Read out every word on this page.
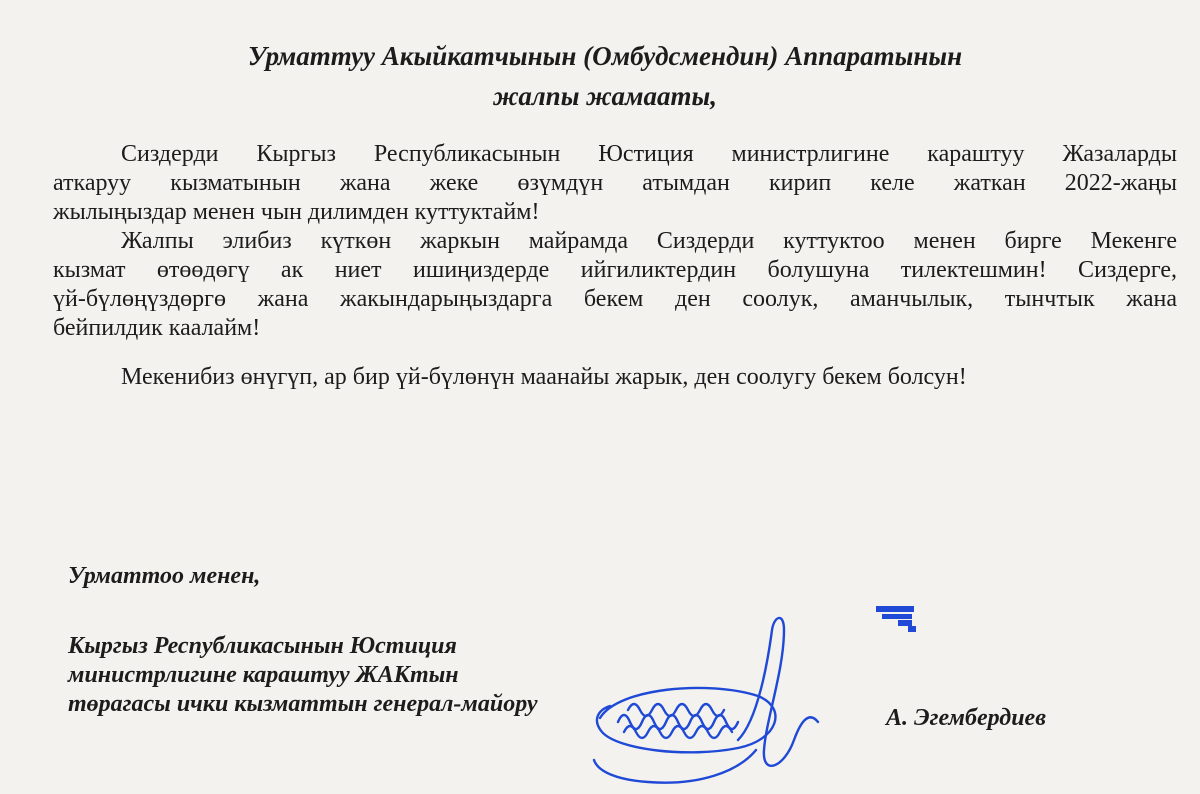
Урматтуу Акыйкатчынын (Омбудсмендин) Аппаратынын
жалпы жамааты,

Сиздерди Кыргыз Республикасынын Юстиция министрлигине караштуу Жазаларды
аткаруу кызматынын жана жеке өзүмдүн атымдан кирип келе жаткан 2022-жаңы
жылыңыздар менен чын дилимден куттуктайм!

Жалпы элибиз күткөн жаркын майрамда Сиздерди куттуктоо менен бирге Мекенге
кызмат өтөөдөгү ак ниет ишиңиздерде ийгиликтердин болушуна тилектешмин! Сиздерге,
үй-бүлөңүздөргө жана жакындарыңыздарга бекем ден соолук, аманчылык, тынчтык жана
бейпилдик каалайм!

Мекенибиз өнүгүп, ар бир үй-бүлөнүн маанайы жарык, ден соолугу бекем болсун!

Урматтоо менен,
Кыргыз Республикасынын Юстиция
министрлигине караштуу ЖАКтын
төрагасы ички кызматтын генерал-майору
А. Эгембердиев
